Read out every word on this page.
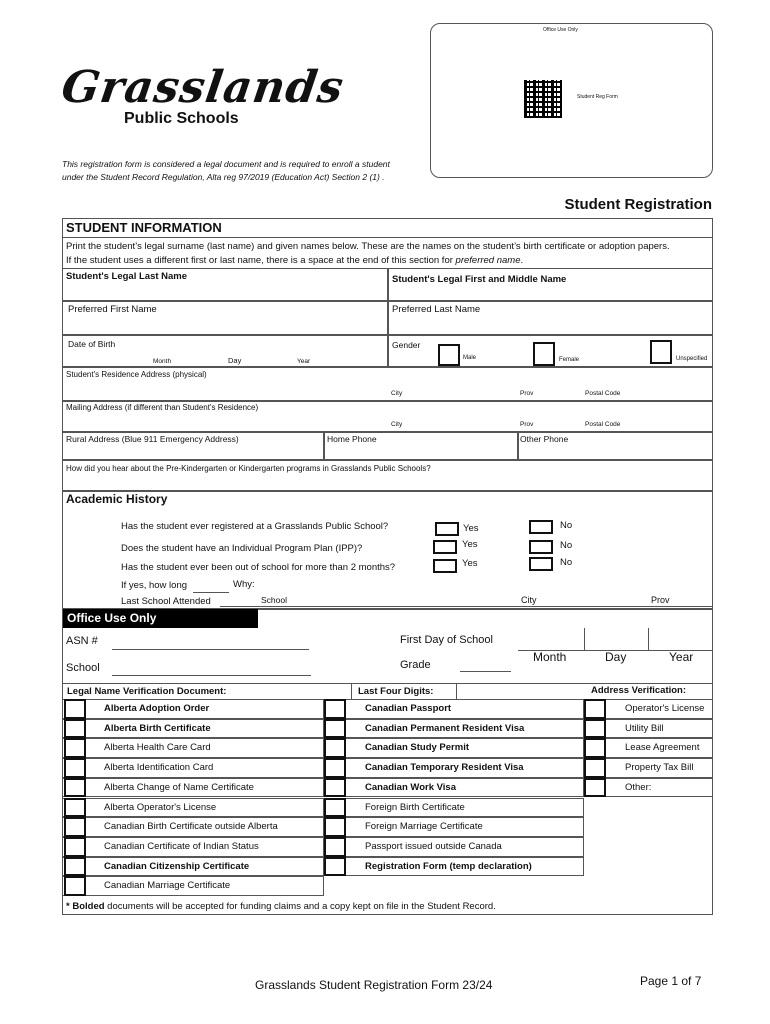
Grasslands
Public Schools
This registration form is considered a legal document and is required to enroll a student under the Student Record Regulation, Alta reg 97/2019 (Education Act) Section 2 (1) .
Office Use Only
Student Reg Form
Student Registration
STUDENT INFORMATION
Print the student’s legal surname (last name) and given names below. These are the names on the student’s birth certificate or adoption papers.
If the student uses a different first or last name, there is a space at the end of this section for preferred name.
Student's Legal Last Name	Student's Legal First and Middle Name
Preferred First Name	Preferred Last Name
Date of Birth
Month	Day	Year
Gender
Male	Female	Unspecified
Student's Residence Address (physical)
City	Prov	Postal Code
Mailing Address (if different than Student's Residence)
City	Prov	Postal Code
Rural Address (Blue 911 Emergency Address)	Home Phone	Other Phone
How did you hear about the Pre-Kindergarten or Kindergarten programs in Grasslands Public Schools?
Academic History
Has the student ever registered at a Grasslands Public School?	Yes	No
Does the student have an Individual Program Plan (IPP)?	Yes	No
Has the student ever been out of school for more than 2 months?	Yes	No
If yes, how long	Why:
Last School Attended	School	City	Prov
Office Use Only
ASN #
School
First Day of School
Month	Day	Year
Grade
Legal Name Verification Document:	Last Four Digits:	Address Verification:
Alberta Adoption Order
Alberta Birth Certificate
Alberta Health Care Card
Alberta Identification Card
Alberta Change of Name Certificate
Alberta Operator's License
Canadian Birth Certificate outside Alberta
Canadian Certificate of Indian Status
Canadian Citizenship Certificate
Canadian Marriage Certificate
Canadian Passport
Canadian Permanent Resident Visa
Canadian Study Permit
Canadian Temporary Resident Visa
Canadian Work Visa
Foreign Birth Certificate
Foreign Marriage Certificate
Passport issued outside Canada
Registration Form (temp declaration)
Operator's License
Utility Bill
Lease Agreement
Property Tax Bill
Other:
* Bolded documents will be accepted for funding claims and a copy kept on file in the Student Record.
Grasslands Student Registration Form 23/24	Page 1 of 7
